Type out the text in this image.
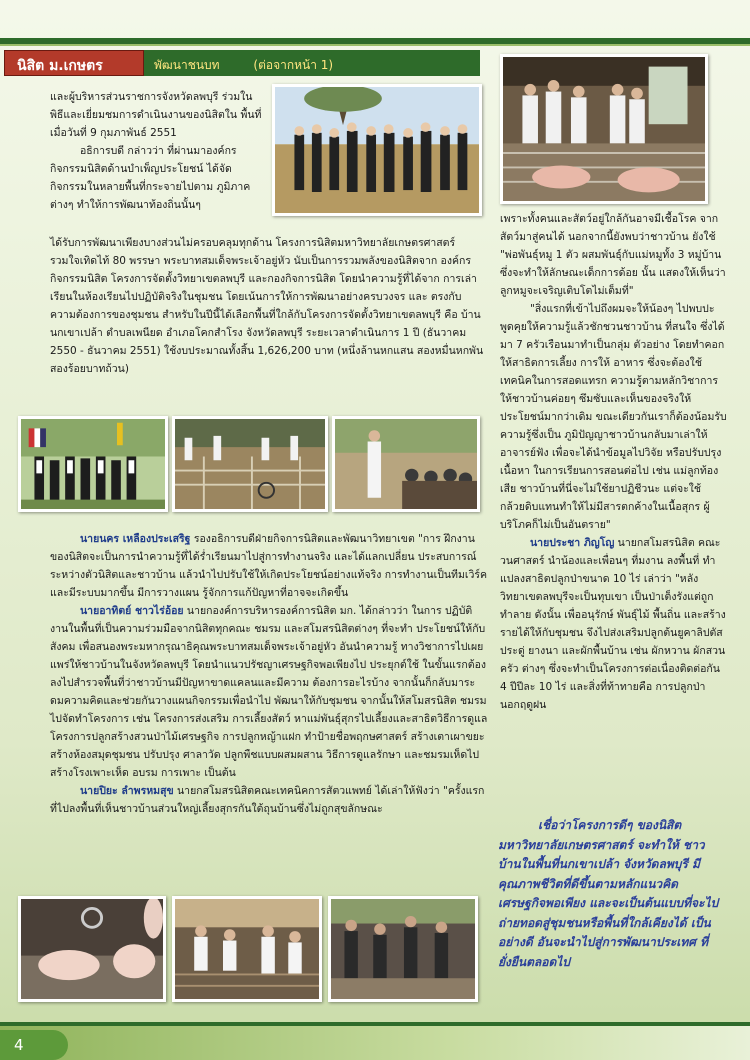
นิสิต ม.เกษตร	พัฒนาชนบท	(ต่อจากหน้า 1)

และผู้บริหารส่วนราชการจังหวัดลพบุรี ร่วมใน พิธีและเยี่ยมชมการดำเนินงานของนิสิตใน พื้นที่ เมื่อวันที่ 9 กุมภาพันธ์ 2551

อธิการบดี กล่าวว่า ที่ผ่านมาองค์กร กิจกรรมนิสิตด้านบำเพ็ญประโยชน์ ได้จัด กิจกรรมในหลายพื้นที่กระจายไปตาม ภูมิภาคต่างๆ ทำให้การพัฒนาท้องถิ่นนั้นๆ

ได้รับการพัฒนาเพียงบางส่วนไม่ครอบคลุมทุกด้าน โครงการนิสิตมหาวิทยาลัยเกษตรศาสตร์ รวมใจเทิดไท้ 80 พรรษา พระบาทสมเด็จพระเจ้าอยู่หัว นับเป็นการรวมพลังของนิสิตจาก องค์กรกิจกรรมนิสิต โครงการจัดตั้งวิทยาเขตลพบุรี และกองกิจการนิสิต โดยนำความรู้ที่ได้จาก การเล่าเรียนในห้องเรียนไปปฏิบัติจริงในชุมชน โดยเน้นการให้การพัฒนาอย่างครบวงจร และ ตรงกับความต้องการของชุมชน สำหรับในปีนี้ได้เลือกพื้นที่ใกล้กับโครงการจัดตั้งวิทยาเขตลพบุรี คือ บ้านนกเขาเปล้า ตำบลเพนียด อำเภอโคกสำโรง จังหวัดลพบุรี ระยะเวลาดำเนินการ 1 ปี (ธันวาคม 2550 - ธันวาคม 2551) ใช้งบประมาณทั้งสิ้น 1,626,200 บาท (หนึ่งล้านหกแสน สองหมื่นหกพันสองร้อยบาทถ้วน)

เพราะทั้งคนและสัตว์อยู่ใกล้กันอาจมีเชื้อโรค จากสัตว์มาสู่คนได้ นอกจากนี้ยังพบว่าชาวบ้าน ยังใช้ "พ่อพันธุ์หมู 1 ตัว ผสมพันธุ์กับแม่หมูทั้ง 3 หมู่บ้าน ซึ่งจะทำให้ลักษณะเด็กการด้อย นั้น แสดงให้เห็นว่าลูกหมูจะเจริญเติบโตไม่เต็มที่"

"สิ่งแรกที่เข้าไปถึงผมจะให้น้องๆ ไปพบปะพูดคุยให้ความรู้แล้วชักชวนชาวบ้าน ที่สนใจ ซึ่งได้มา 7 ครัวเรือนมาทำเป็นกลุ่ม ตัวอย่าง โดยทำคอกให้สาธิตการเลี้ยง การให้ อาหาร ซึ่งจะต้องใช้เทคนิคในการสอดแทรก ความรู้ตามหลักวิชาการให้ชาวบ้านค่อยๆ ซึมซับและเห็นของจริงให้ประโยชน์มากว่าเดิม ขณะเดียวกันเราก็ต้องน้อมรับความรู้ซึ่งเป็น ภูมิปัญญาชาวบ้านกลับมาเล่าให้อาจารย์ฟัง เพื่อจะได้นำข้อมูลไปวิจัย หรือปรับปรุงเนื้อหา ในการเรียนการสอนต่อไป เช่น แม่ลูกท้องเสีย ชาวบ้านที่นี่จะไม่ใช้ยาปฏิชีวนะ แต่จะใช้ กล้วยดิบแทนทำให้ไม่มีสารตกค้างในเนื้อสุกร ผู้บริโภคก็ไม่เป็นอันตราย"

นายประชา ภิญโญ นายกสโมสรนิสิต คณะวนศาสตร์ นำน้องและเพื่อนๆ ที่มงาน ลงพื้นที่ ทำแปลงสาธิตปลูกป่าขนาด 10 ไร่ เล่าว่า "หลังวิทยาเขตลพบุรีจะเป็นทุบเขา เป็นป่าเต็งรังแต่ถูกทำลาย ดังนั้น เพื่ออนุรักษ์ พันธุ์ไม้ พื้นถิ่น และสร้างรายได้ให้กับชุมชน จึงไปส่งเสริมปลูกต้นยูคาลิปตัส ประดู่ ยางนา และผักพื้นบ้าน เช่น ผักหวาน ผักสวนครัว ต่างๆ ซึ่งจะทำเป็นโครงการต่อเนื่องติดต่อกัน 4 ปีปีละ 10 ไร่ และสิ่งที่ท้าทายคือ การปลูกป่า นอกฤดูฝน

นายนคร เหลืองประเสริฐ รองอธิการบดีฝ่ายกิจการนิสิตและพัฒนาวิทยาเขต "การ ฝึกงานของนิสิตจะเป็นการนำความรู้ที่ได้ร่ำเรียนมาไปสู่การทำงานจริง และได้แลกเปลี่ยน ประสบการณ์ระหว่างตัวนิสิตและชาวบ้าน แล้วนำไปปรับใช้ให้เกิดประโยชน์อย่างแท้จริง การทำงานเป็นทีมเวิร์คและมีระบบมากขึ้น มีการวางแผน รู้จักการแก้ปัญหาที่อาจจะเกิดขึ้น

นายอาทิตย์ ชาวไร่อ้อย นายกองค์การบริหารองค์การนิสิต มก. ได้กล่าวว่า ในการ ปฏิบัติงานในพื้นที่เป็นความร่วมมือจากนิสิตทุกคณะ ชมรม และสโมสรนิสิตต่างๆ ที่จะทำ ประโยชน์ให้กับสังคม เพื่อสนองพระมหากรุณาธิคุณพระบาทสมเด็จพระเจ้าอยู่หัว อันนำความรู้ ทางวิชาการไปเผยแพร่ให้ชาวบ้านในจังหวัดลพบุรี โดยนำแนวปรัชญาเศรษฐกิจพอเพียงไป ประยุกต์ใช้ ในขั้นแรกต้องลงไปสำรวจพื้นที่ว่าชาวบ้านมีปัญหาขาดแคลนและมีความ ต้องการอะไรบ้าง จากนั้นก็กลับมาระดมความคิดและช่วยกันวางแผนกิจกรรมเพื่อนำไป พัฒนาให้กับชุมชน จากนั้นให้สโมสรนิสิต ชมรม ไปจัดทำโครงการ เช่น โครงการส่งเสริม การเลี้ยงสัตว์ หาแม่พันธุ์สุกรไปเลี้ยงและสาธิตวิธีการดูแล โครงการปลูกสร้างสวนป่าไม้เศรษฐกิจ การปลูกหญ้าแฝก ทำป้ายชื่อพฤกษศาสตร์ สร้างเตาเผาขยะ สร้างห้องสมุดชุมชน ปรับปรุง ศาลาวัด ปลูกพืชแบบผสมผสาน วิธีการดูแลรักษา และชมรมเห็ดไปสร้างโรงเพาะเห็ด อบรม การเพาะ เป็นต้น

นายปิยะ ลำพรหมสุข นายกสโมสรนิสิตคณะเทคนิคการสัตวแพทย์ ได้เล่าให้ฟังว่า "ครั้งแรกที่ไปลงพื้นที่เห็นชาวบ้านส่วนใหญ่เลี้ยงสุกรกันใต้ถุนบ้านซึ่งไม่ถูกสุขลักษณะ

เชื่อว่าโครงการดีๆ ของนิสิต มหาวิทยาลัยเกษตรศาสตร์ จะทำให้ ชาวบ้านในพื้นที่นกเขาเปล้า จังหวัดลพบุรี มีคุณภาพชีวิตที่ดีขึ้นตามหลักแนวคิด เศรษฐกิจพอเพียง และจะเป็นต้นแบบที่จะไป ถ่ายทอดสู่ชุมชนหรือพื้นที่ใกล้เคียงได้ เป็นอย่างดี อันจะนำไปสู่การพัฒนาประเทศ ที่ยั่งยืนตลอดไป
4
